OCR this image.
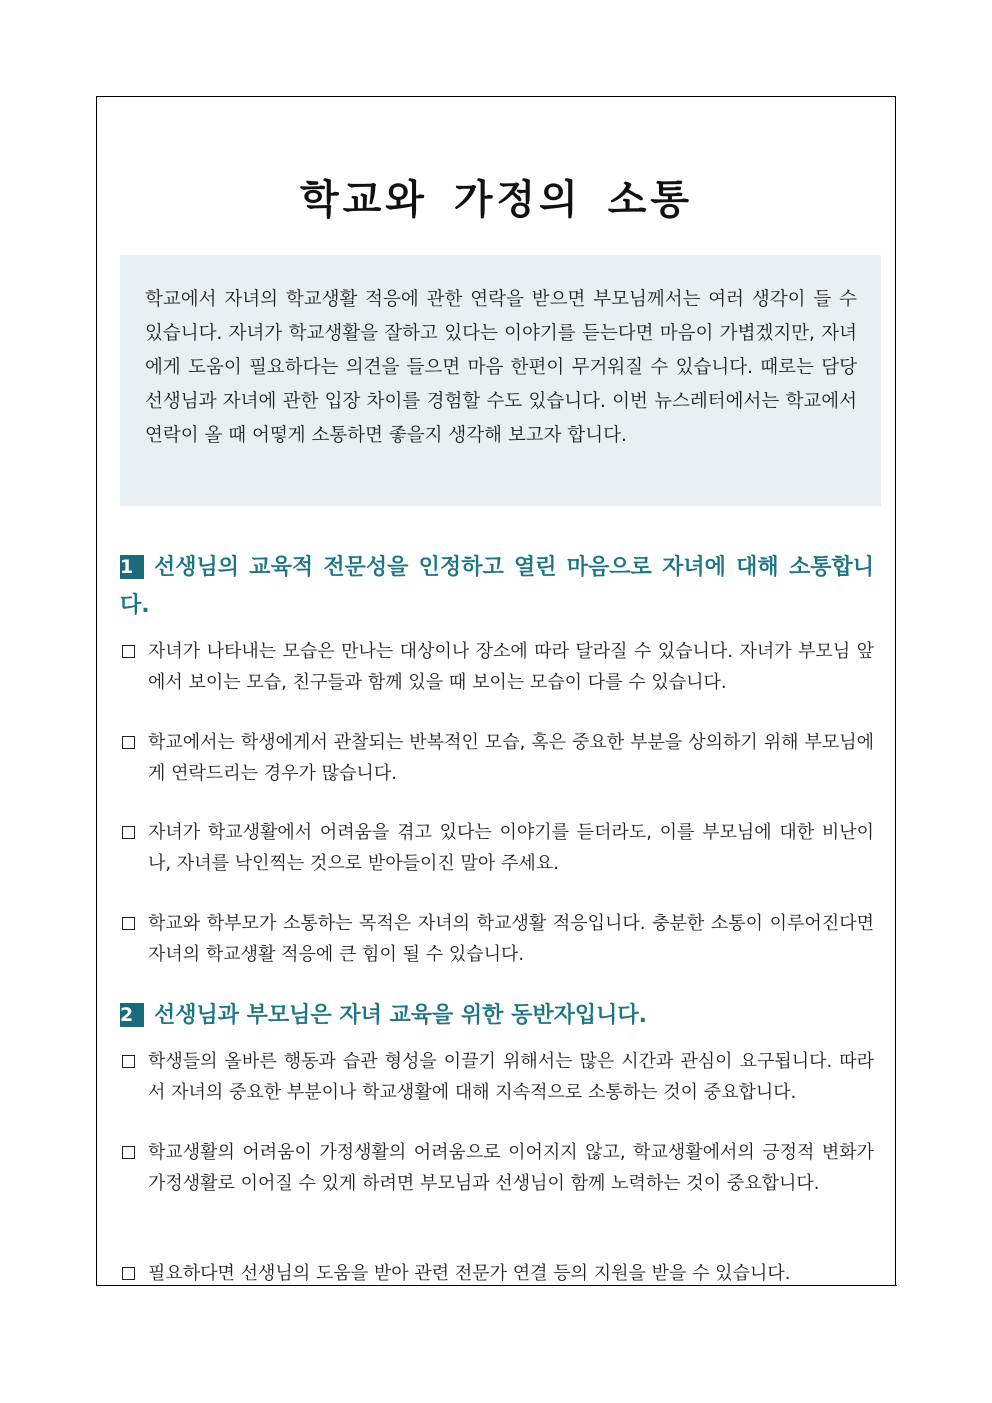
학교와 가정의 소통

학교에서 자녀의 학교생활 적응에 관한 연락을 받으면 부모님께서는 여러 생각이 들 수 있습니다. 자녀가 학교생활을 잘하고 있다는 이야기를 듣는다면 마음이 가볍겠지만, 자녀에게 도움이 필요하다는 의견을 들으면 마음 한편이 무거워질 수 있습니다. 때로는 담당 선생님과 자녀에 관한 입장 차이를 경험할 수도 있습니다. 이번 뉴스레터에서는 학교에서 연락이 올 때 어떻게 소통하면 좋을지 생각해 보고자 합니다.

1 선생님의 교육적 전문성을 인정하고 열린 마음으로 자녀에 대해 소통합니다.
자녀가 나타내는 모습은 만나는 대상이나 장소에 따라 달라질 수 있습니다. 자녀가 부모님 앞에서 보이는 모습, 친구들과 함께 있을 때 보이는 모습이 다를 수 있습니다.
학교에서는 학생에게서 관찰되는 반복적인 모습, 혹은 중요한 부분을 상의하기 위해 부모님에게 연락드리는 경우가 많습니다.
자녀가 학교생활에서 어려움을 겪고 있다는 이야기를 듣더라도, 이를 부모님에 대한 비난이나, 자녀를 낙인찍는 것으로 받아들이진 말아 주세요.
학교와 학부모가 소통하는 목적은 자녀의 학교생활 적응입니다. 충분한 소통이 이루어진다면 자녀의 학교생활 적응에 큰 힘이 될 수 있습니다.
2 선생님과 부모님은 자녀 교육을 위한 동반자입니다.
학생들의 올바른 행동과 습관 형성을 이끌기 위해서는 많은 시간과 관심이 요구됩니다. 따라서 자녀의 중요한 부분이나 학교생활에 대해 지속적으로 소통하는 것이 중요합니다.
학교생활의 어려움이 가정생활의 어려움으로 이어지지 않고, 학교생활에서의 긍정적 변화가 가정생활로 이어질 수 있게 하려면 부모님과 선생님이 함께 노력하는 것이 중요합니다.
필요하다면 선생님의 도움을 받아 관련 전문가 연결 등의 지원을 받을 수 있습니다.
